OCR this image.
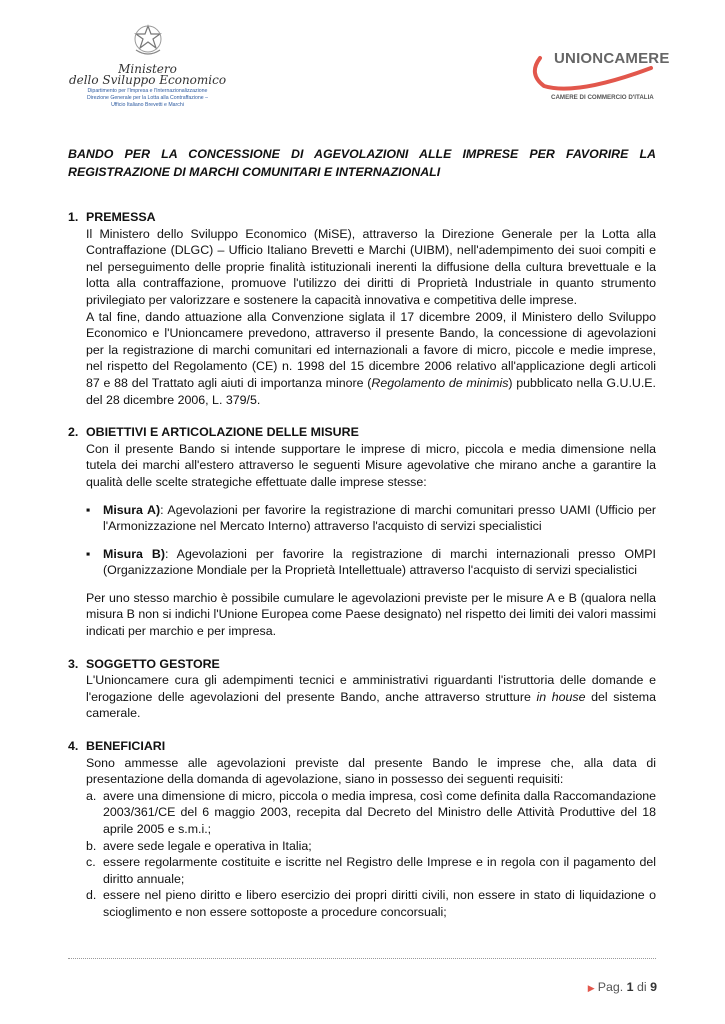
Ministero
dello Sviluppo Economico
Dipartimento per l'Impresa e l'Internazionalizzazione
Direzione Generale per la Lotta alla Contraffazione –
Ufficio Italiano Brevetti e Marchi
UNIONCAMERE
CAMERE DI COMMERCIO D'ITALIA
BANDO PER LA CONCESSIONE DI AGEVOLAZIONI ALLE IMPRESE PER FAVORIRE LA REGISTRAZIONE DI MARCHI COMUNITARI E INTERNAZIONALI
1. PREMESSA

Il Ministero dello Sviluppo Economico (MiSE), attraverso la Direzione Generale per la Lotta alla Contraffazione (DLGC) – Ufficio Italiano Brevetti e Marchi (UIBM), nell'adempimento dei suoi compiti e nel perseguimento delle proprie finalità istituzionali inerenti la diffusione della cultura brevettuale e la lotta alla contraffazione, promuove l'utilizzo dei diritti di Proprietà Industriale in quanto strumento privilegiato per valorizzare e sostenere la capacità innovativa e competitiva delle imprese.

A tal fine, dando attuazione alla Convenzione siglata il 17 dicembre 2009, il Ministero dello Sviluppo Economico e l'Unioncamere prevedono, attraverso il presente Bando, la concessione di agevolazioni per la registrazione di marchi comunitari ed internazionali a favore di micro, piccole e medie imprese, nel rispetto del Regolamento (CE) n. 1998 del 15 dicembre 2006 relativo all'applicazione degli articoli 87 e 88 del Trattato agli aiuti di importanza minore (Regolamento de minimis) pubblicato nella G.U.U.E. del 28 dicembre 2006, L. 379/5.

2. OBIETTIVI E ARTICOLAZIONE DELLE MISURE

Con il presente Bando si intende supportare le imprese di micro, piccola e media dimensione nella tutela dei marchi all'estero attraverso le seguenti Misure agevolative che mirano anche a garantire la qualità delle scelte strategiche effettuate dalle imprese stesse:

▪ Misura A): Agevolazioni per favorire la registrazione di marchi comunitari presso UAMI (Ufficio per l'Armonizzazione nel Mercato Interno) attraverso l'acquisto di servizi specialistici
▪ Misura B): Agevolazioni per favorire la registrazione di marchi internazionali presso OMPI (Organizzazione Mondiale per la Proprietà Intellettuale) attraverso l'acquisto di servizi specialistici

Per uno stesso marchio è possibile cumulare le agevolazioni previste per le misure A e B (qualora nella misura B non si indichi l'Unione Europea come Paese designato) nel rispetto dei limiti dei valori massimi indicati per marchio e per impresa.

3. SOGGETTO GESTORE

L'Unioncamere cura gli adempimenti tecnici e amministrativi riguardanti l'istruttoria delle domande e l'erogazione delle agevolazioni del presente Bando, anche attraverso strutture in house del sistema camerale.

4. BENEFICIARI

Sono ammesse alle agevolazioni previste dal presente Bando le imprese che, alla data di presentazione della domanda di agevolazione, siano in possesso dei seguenti requisiti:

a. avere una dimensione di micro, piccola o media impresa, così come definita dalla Raccomandazione 2003/361/CE del 6 maggio 2003, recepita dal Decreto del Ministro delle Attività Produttive del 18 aprile 2005 e s.m.i.;
b. avere sede legale e operativa in Italia;
c. essere regolarmente costituite e iscritte nel Registro delle Imprese e in regola con il pagamento del diritto annuale;
d. essere nel pieno diritto e libero esercizio dei propri diritti civili, non essere in stato di liquidazione o scioglimento e non essere sottoposte a procedure concorsuali;
▶ Pag. 1 di 9
